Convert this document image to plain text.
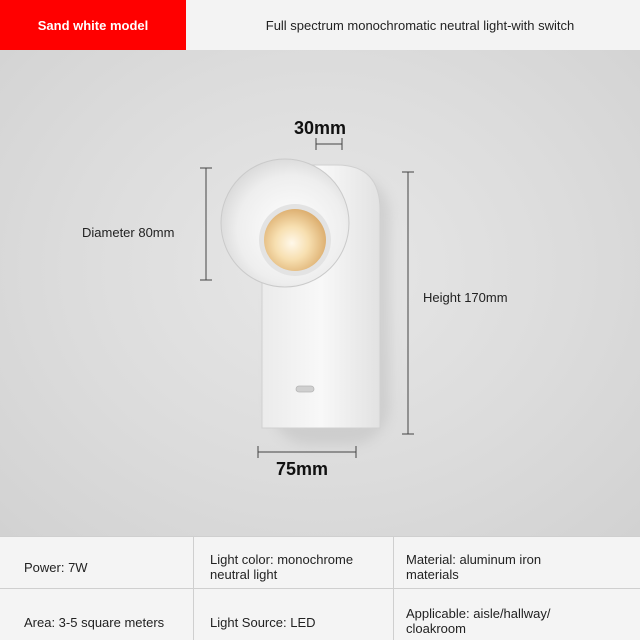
Sand white model	Full spectrum monochromatic neutral light-with switch
30mm
Diameter 80mm
Height 170mm
75mm
Power: 7W
Light color: monochrome
neutral light
Material: aluminum iron
materials
Area: 3-5 square meters	Light Source: LED
Applicable: aisle/hallway/
cloakroom
